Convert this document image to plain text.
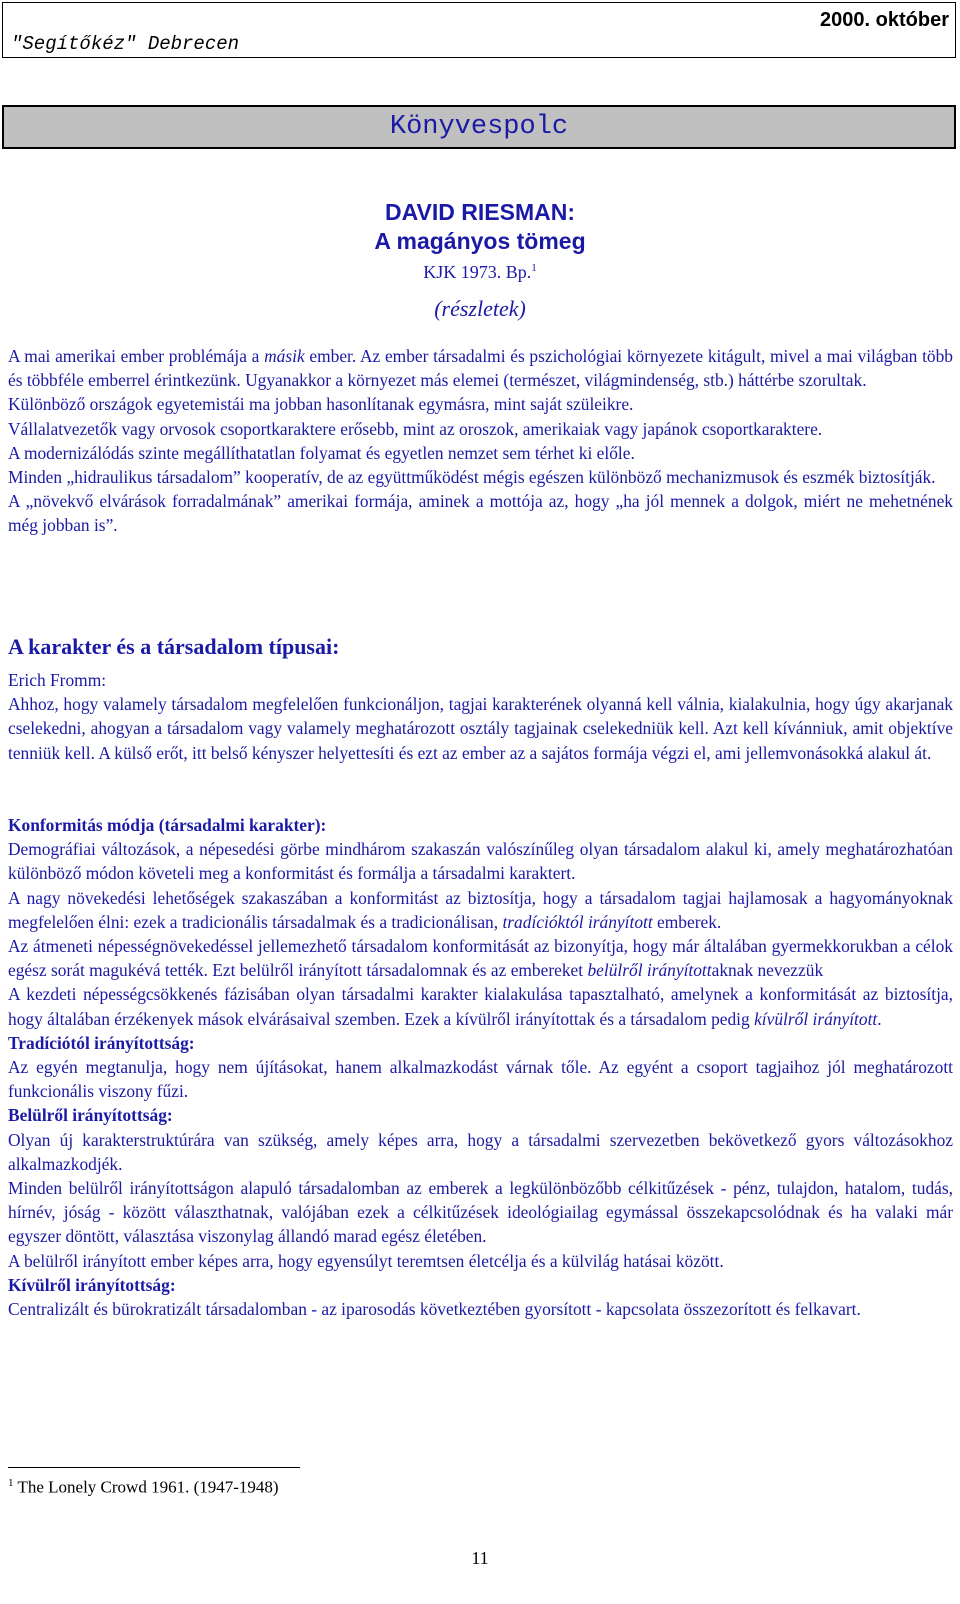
"Segítőkéz" Debrecen
2000. október
Könyvespolc
DAVID RIESMAN:
A magányos tömeg
KJK 1973. Bp.$^1$
(részletek)

A mai amerikai ember problémája a másik ember. Az ember társadalmi és pszichológiai környezete kitágult, mivel a mai világban több és többféle emberrel érintkezünk. Ugyanakkor a környezet más elemei (természet, világmindenség, stb.) háttérbe szorultak.

Különböző országok egyetemistái ma jobban hasonlítanak egymásra, mint saját szüleikre.

Vállalatvezetők vagy orvosok csoportkaraktere erősebb, mint az oroszok, amerikaiak vagy japánok csoportkaraktere.

A modernizálódás szinte megállíthatatlan folyamat és egyetlen nemzet sem térhet ki előle.

Minden „hidraulikus társadalom” kooperatív, de az együttműködést mégis egészen különböző mechanizmusok és eszmék biztosítják.

A „növekvő elvárások forradalmának” amerikai formája, aminek a mottója az, hogy „ha jól mennek a dolgok, miért ne mehetnének még jobban is”.

A karakter és a társadalom típusai:

Erich Fromm:

Ahhoz, hogy valamely társadalom megfelelően funkcionáljon, tagjai karakterének olyanná kell válnia, kialakulnia, hogy úgy akarjanak cselekedni, ahogyan a társadalom vagy valamely meghatározott osztály tagjainak cselekedniük kell. Azt kell kívánniuk, amit objektíve tenniük kell. A külső erőt, itt belső kényszer helyettesíti és ezt az ember az a sajátos formája végzi el, ami jellemvonásokká alakul át.

Konformitás módja (társadalmi karakter):

Demográfiai változások, a népesedési görbe mindhárom szakaszán valószínűleg olyan társadalom alakul ki, amely meghatározhatóan különböző módon követeli meg a konformitást és formálja a társadalmi karaktert.

A nagy növekedési lehetőségek szakaszában a konformitást az biztosítja, hogy a társadalom tagjai hajlamosak a hagyományoknak megfelelően élni: ezek a tradicionális társadalmak és a tradicionálisan, tradícióktól irányított emberek.

Az átmeneti népességnövekedéssel jellemezhető társadalom konformitását az bizonyítja, hogy már általában gyermekkorukban a célok egész sorát magukévá tették. Ezt belülről irányított társadalomnak és az embereket belülről irányítottaknak nevezzük

A kezdeti népességcsökkenés fázisában olyan társadalmi karakter kialakulása tapasztalható, amelynek a konformitását az biztosítja, hogy általában érzékenyek mások elvárásaival szemben. Ezek a kívülről irányítottak és a társadalom pedig kívülről irányított.

Tradíciótól irányítottság:

Az egyén megtanulja, hogy nem újításokat, hanem alkalmazkodást várnak tőle. Az egyént a csoport tagjaihoz jól meghatározott funkcionális viszony fűzi.

Belülről irányítottság:

Olyan új karakterstruktúrára van szükség, amely képes arra, hogy a társadalmi szervezetben bekövetkező gyors változásokhoz alkalmazkodjék.

Minden belülről irányítottságon alapuló társadalomban az emberek a legkülönbözőbb célkitűzések - pénz, tulajdon, hatalom, tudás, hírnév, jóság - között választhatnak, valójában ezek a célkitűzések ideológiailag egymással összekapcsolódnak és ha valaki már egyszer döntött, választása viszonylag állandó marad egész életében.

A belülről irányított ember képes arra, hogy egyensúlyt teremtsen életcélja és a külvilág hatásai között.

Kívülről irányítottság:

Centralizált és bürokratizált társadalomban - az iparosodás következtében gyorsított - kapcsolata összezorított és felkavart.

$^1$ The Lonely Crowd 1961. (1947-1948)
11
